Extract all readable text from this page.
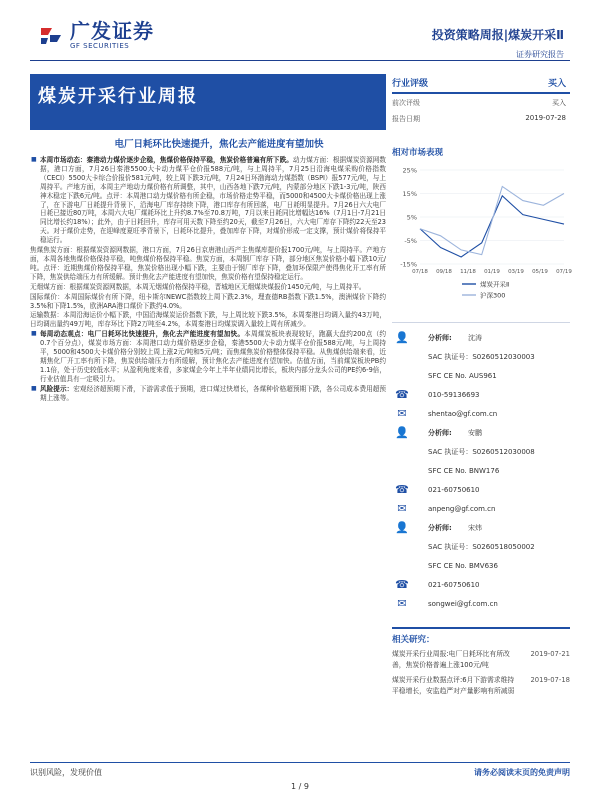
广发证券
GF SECURITIES
投资策略周报|煤炭开采Ⅱ
证券研究报告
煤炭开采行业周报
电厂日耗环比快速提升，焦化去产能进度有望加快

■ 本周市场动态：秦港动力煤价逐步企稳，焦煤价格保持平稳，焦炭价格普遍有所下跌。动力煤方面：根据煤炭资源网数据，港口方面，7月26日秦港5500大卡动力煤平仓价报588元/吨，与上周持平，7月25日沿海电煤采购价格指数（CECI）5500大卡综合价报价581元/吨，较上周下跌3元/吨，7月24日环渤海动力煤指数（BSPI）报577元/吨，与上周持平。产地方面，本周主产地动力煤价格有所调整，其中，山西各地下跌7元/吨，内蒙部分地区下跌1-3元/吨，陕西神木稳定下跌6元/吨。点评：本周港口动力煤价格有所企稳，市场价格走势平稳，而5000和4500大卡煤价格出现上涨了，在下游电厂日耗提升背景下，沿海电厂库存持续下降，港口库存有所回落，电厂日耗明显提升。7月26日六大电厂日耗已接近80万吨，本周六大电厂煤耗环比上升约8.7%至70.8万吨，7月以来日耗同比增幅达16%（7月1日-7月21日同比增长约18%）；此外，由于日耗回升，库存可用天数下降至约20天，截至7月26日，六大电厂库存下降约22天至23天。对于煤价走势，在迎峰度夏旺季背景下，日耗环比提升，叠加库存下降，对煤价形成一定支撑，预计煤价将保持平稳运行。

焦煤焦炭方面：根据煤炭资源网数据，港口方面，7月26日京唐港山西产主焦煤库提价报1700元/吨，与上周持平。产地方面，本周各地焦煤价格保持平稳，吨焦煤价格保持平稳。焦炭方面，本周钢厂库存下降，部分地区焦炭价格小幅下跌10元/吨。点评：近期焦煤价格保持平稳，焦炭价格出现小幅下跌，主要由于钢厂库存下降，叠加环保限产使得焦化开工率有所下降，焦炭供给端压力有所缓解。预计焦化去产能进度有望加快，焦炭价格有望保持稳定运行。

无烟煤方面：根据煤炭资源网数据，本周无烟煤价格保持平稳，晋城地区无烟煤块煤报价1450元/吨，与上周持平。

国际煤价：本周国际煤价有所下降，纽卡斯尔NEWC指数较上周下跌2.3%，理查德RB指数下跌1.5%，澳洲煤价下降约3.5%和下降1.5%，欧洲ARA港口煤价下跌约4.0%。

运输数据：本周沿海运价小幅下跌，中国沿海煤炭运价指数下跌，与上周比较下跌3.5%，本周秦港日均调入量约43万吨，日均调出量约49万吨，库存环比下降2万吨至4.2%，本周秦港日均煤炭调入量较上周有所减少。

■ 每周动态观点：电厂日耗环比快速提升，焦化去产能进度有望加快。本周煤炭板块表现较好，跑赢大盘约200点（约0.7个百分点），煤炭市场方面：本周港口动力煤价格逐步企稳，秦港5500大卡动力煤平仓价报588元/吨，与上周持平，5000和4500大卡煤价格分别较上周上涨2元/吨和5元/吨；而焦煤焦炭价格整体保持平稳。从焦煤供给端来看，近期焦化厂开工率有所下降，焦炭供给端压力有所缓解，预计焦化去产能进度有望加快。估值方面，当前煤炭板块PB约1.1倍，处于历史较低水平；从盈利角度来看，多家煤企今年上半年业绩同比增长，板块内部分龙头公司的PE约6-9倍，行业估值具有一定吸引力。

■ 风险提示：宏观经济超预期下滑，下游需求低于预期，进口煤过快增长，各煤种价格超预期下跌，各公司成本费用超预期上涨等。

行业评级	买入
前次评级	买入
报告日期	2019-07-28
相对市场表现
25%
15%
5%
-5%
-15%
07/18 09/18 11/18 01/19 03/19 05/19 07/19
煤炭开采Ⅱ
沪深300
👤	分析师:	沈涛
SAC 执证号：S0260512030003
SFC CE No. AUS961
☎	010-59136693
✉	shentao@gf.com.cn
👤	分析师:	安鹏
SAC 执证号：S0260512030008
SFC CE No. BNW176
☎	021-60750610
✉	anpeng@gf.com.cn
👤	分析师:	宋炜
SAC 执证号：S0260518050002
SFC CE No. BMV636
☎	021-60750610
✉	songwei@gf.com.cn
相关研究：
煤炭开采行业周报:电厂日耗环比有所改善，焦炭价格普遍上涨100元/吨
2019-07-21
煤炭开采行业数据点评:6月下游需求维持平稳增长，安监趋严对产量影响有所减弱
2019-07-18
识别风险，发现价值	请务必阅读末页的免责声明
1 / 9
